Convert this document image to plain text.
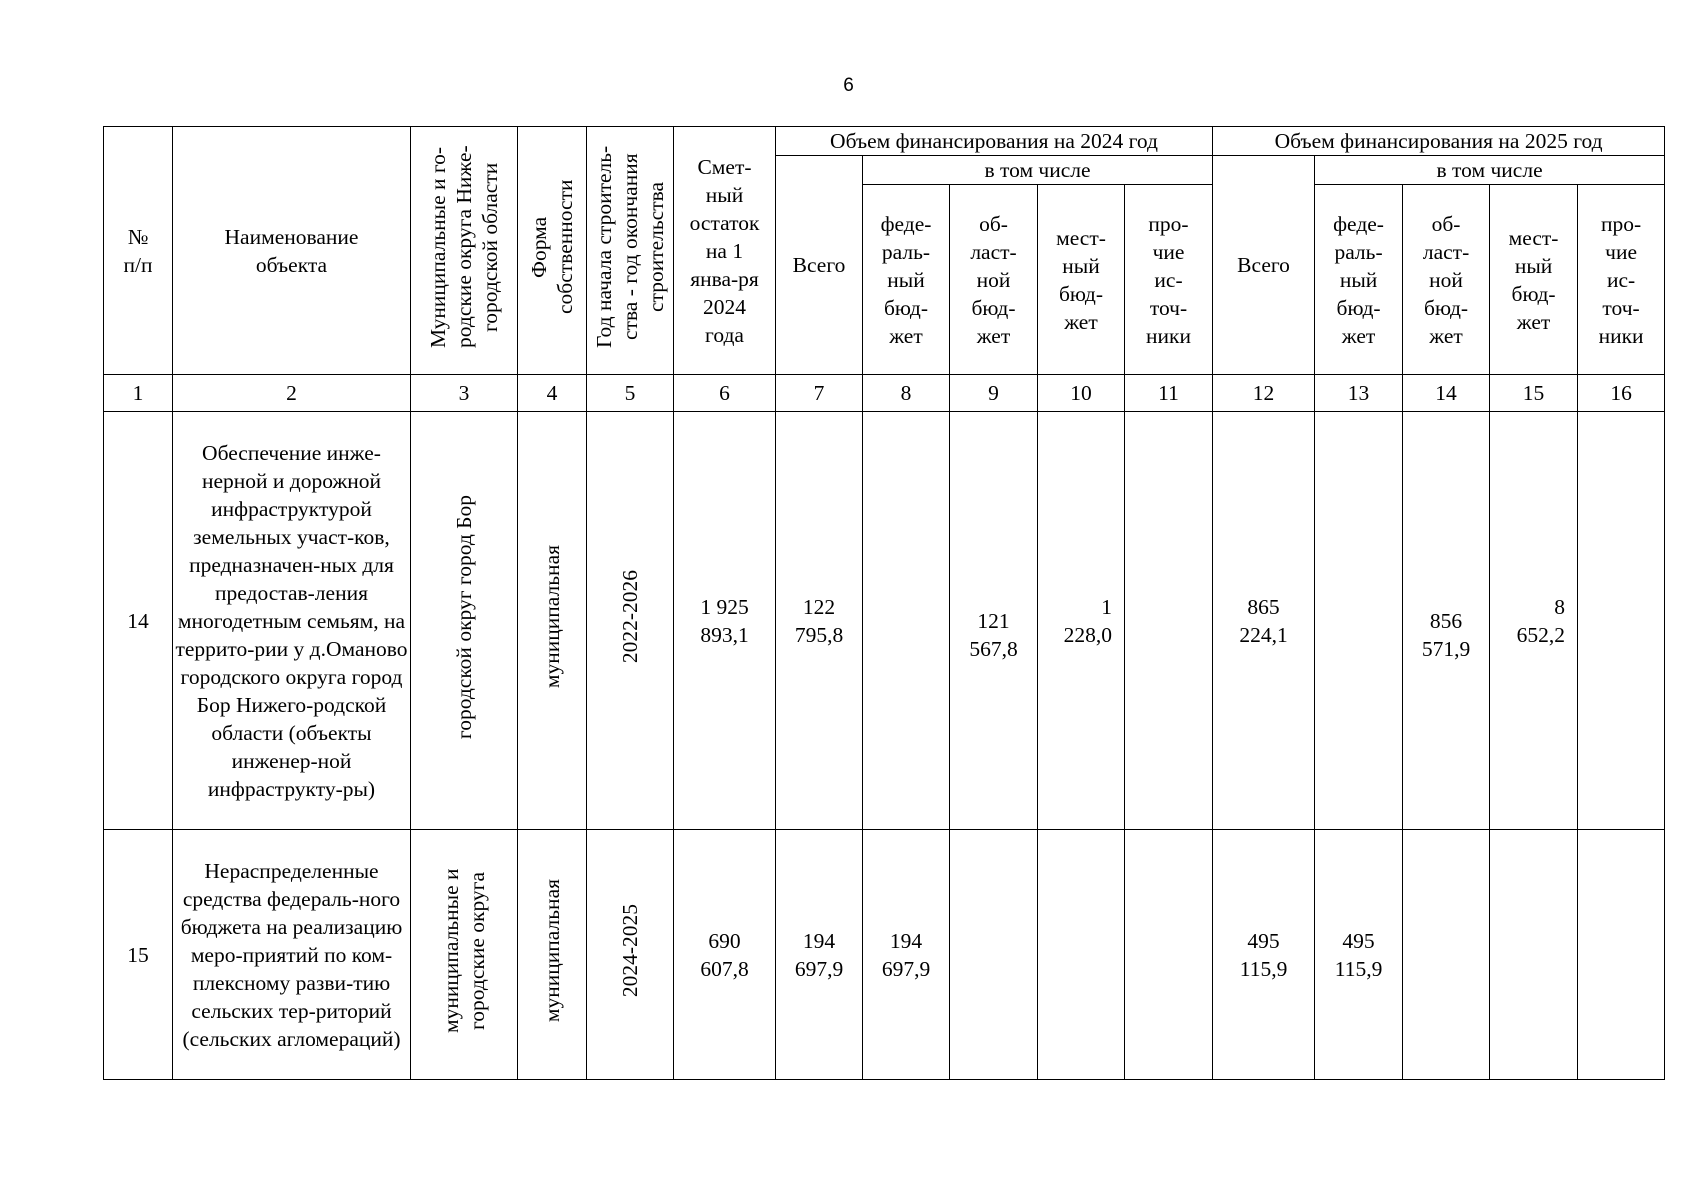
6
№ п/п	Наименование объекта	Муниципальные и го-родские округа Ниже-городской области	Форма собственности	Год начала строитель-ства - год окончания строительства	Смет-ный остаток на 1 янва-ря 2024 года	Объем финансирования на 2024 год					Объем финансирования на 2025 год				
						Всего	в том числе				Всего	в том числе			
							феде-раль-ный бюд-жет	об-ласт-ной бюд-жет	мест-ный бюд-жет	про-чие ис-точ-ники		феде-раль-ный бюд-жет	об-ласт-ной бюд-жет	мест-ный бюд-жет	про-чие ис-точ-ники
1	2	3	4	5	6	7	8	9	10	11	12	13	14	15	16
14	Обеспечение инже-нерной и дорожной инфраструктурой земельных участ-ков, предназначен-ных для предостав-ления многодетным семьям, на террито-рии у д.Оманово городского округа город Бор Нижего-родской области (объекты инженер-ной инфраструкту-ры)	городской округ город Бор	муниципальная	2022-2026	1 925 893,1	122 795,8		121 567,8	1 228,0		865 224,1		856 571,9	8 652,2	
15	Нераспределенные средства федераль-ного бюджета на реализацию меро-приятий по ком-плексному разви-тию сельских тер-риторий (сельских агломераций)	муниципальные и городские округа	муниципальная	2024-2025	690 607,8	194 697,9	194 697,9				495 115,9	495 115,9			
